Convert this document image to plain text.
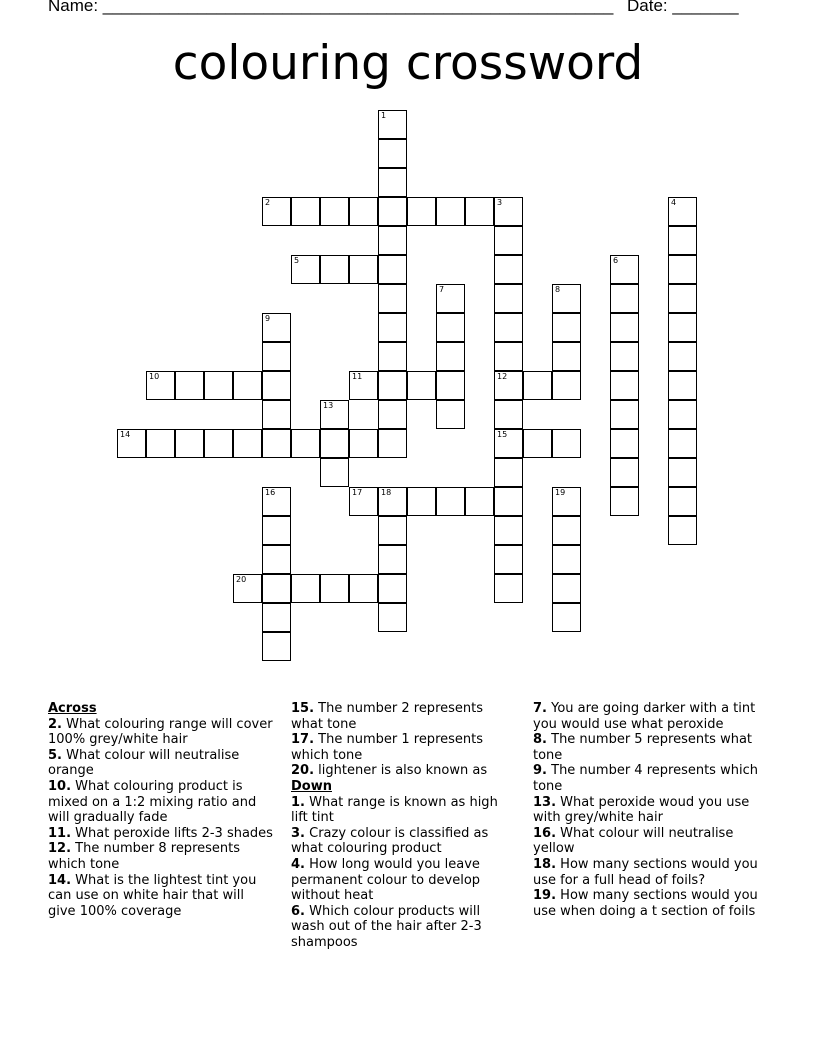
Name: ______________________________________________________ Date: _______
colouring crossword
1
2	3	4
5	6
7	8
9
10	11	12
13
14	15
16	17 18	19
20
Across
2. What colouring range will cover 100% grey/white hair
5. What colour will neutralise orange
10. What colouring product is mixed on a 1:2 mixing ratio and will gradually fade
11. What peroxide lifts 2-3 shades
12. The number 8 represents which tone
14. What is the lightest tint you can use on white hair that will give 100% coverage
15. The number 2 represents what tone
17. The number 1 represents which tone
20. lightener is also known as
Down
1. What range is known as high lift tint
3. Crazy colour is classified as what colouring product
4. How long would you leave permanent colour to develop without heat
6. Which colour products will wash out of the hair after 2-3 shampoos
7. You are going darker with a tint you would use what peroxide
8. The number 5 represents what tone
9. The number 4 represents which tone
13. What peroxide woud you use with grey/white hair
16. What colour will neutralise yellow
18. How many sections would you use for a full head of foils?
19. How many sections would you use when doing a t section of foils
